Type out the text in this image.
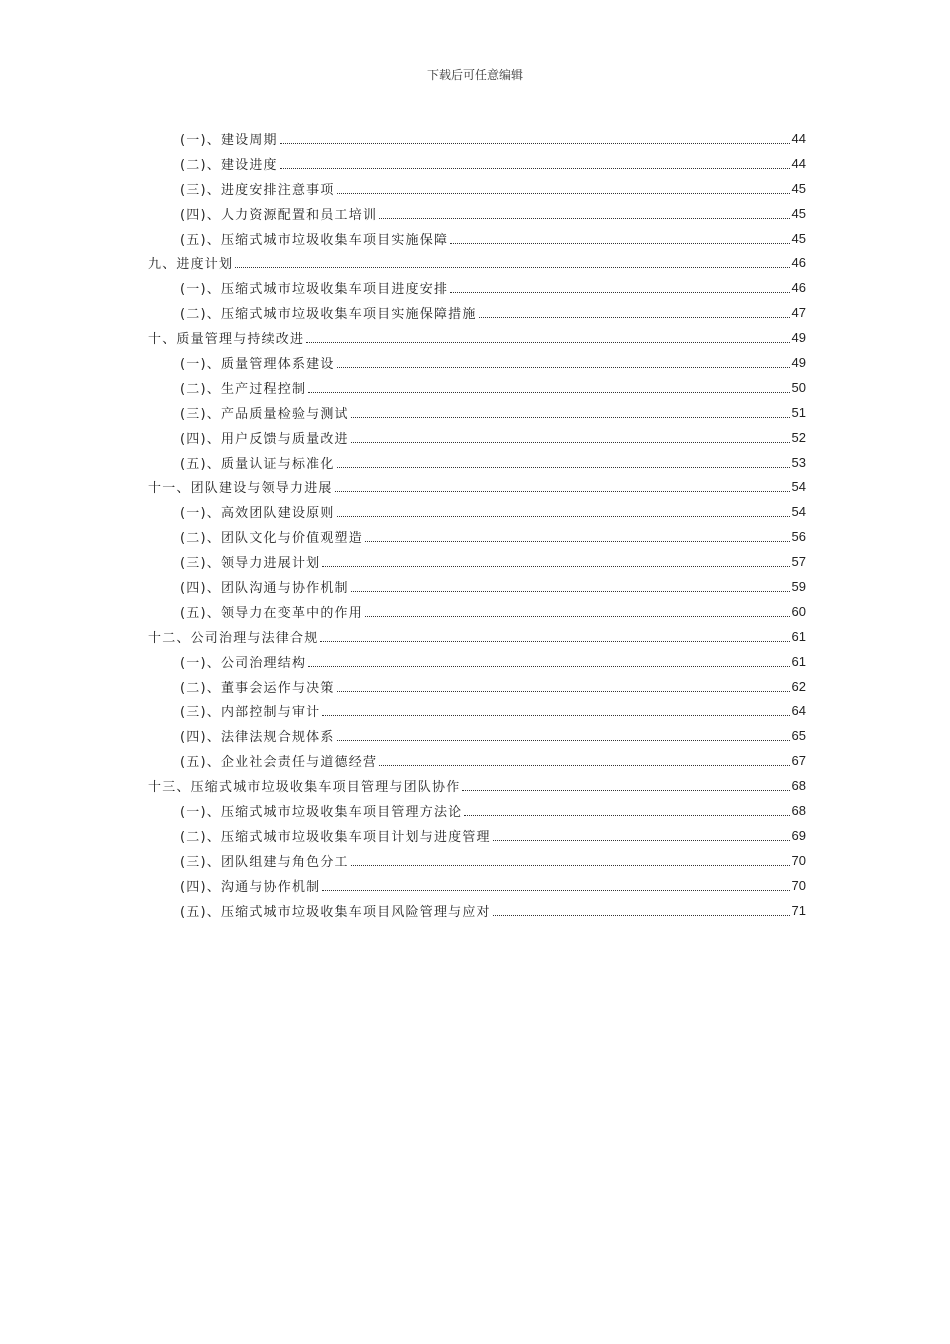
下载后可任意编辑
(一)、建设周期	44
(二)、建设进度	44
(三)、进度安排注意事项	45
(四)、人力资源配置和员工培训	45
(五)、压缩式城市垃圾收集车项目实施保障	45
九、进度计划	46
(一)、压缩式城市垃圾收集车项目进度安排	46
(二)、压缩式城市垃圾收集车项目实施保障措施	47
十、质量管理与持续改进	49
(一)、质量管理体系建设	49
(二)、生产过程控制	50
(三)、产品质量检验与测试	51
(四)、用户反馈与质量改进	52
(五)、质量认证与标准化	53
十一、团队建设与领导力进展	54
(一)、高效团队建设原则	54
(二)、团队文化与价值观塑造	56
(三)、领导力进展计划	57
(四)、团队沟通与协作机制	59
(五)、领导力在变革中的作用	60
十二、公司治理与法律合规	61
(一)、公司治理结构	61
(二)、董事会运作与决策	62
(三)、内部控制与审计	64
(四)、法律法规合规体系	65
(五)、企业社会责任与道德经营	67
十三、压缩式城市垃圾收集车项目管理与团队协作	68
(一)、压缩式城市垃圾收集车项目管理方法论	68
(二)、压缩式城市垃圾收集车项目计划与进度管理	69
(三)、团队组建与角色分工	70
(四)、沟通与协作机制	70
(五)、压缩式城市垃圾收集车项目风险管理与应对	71
